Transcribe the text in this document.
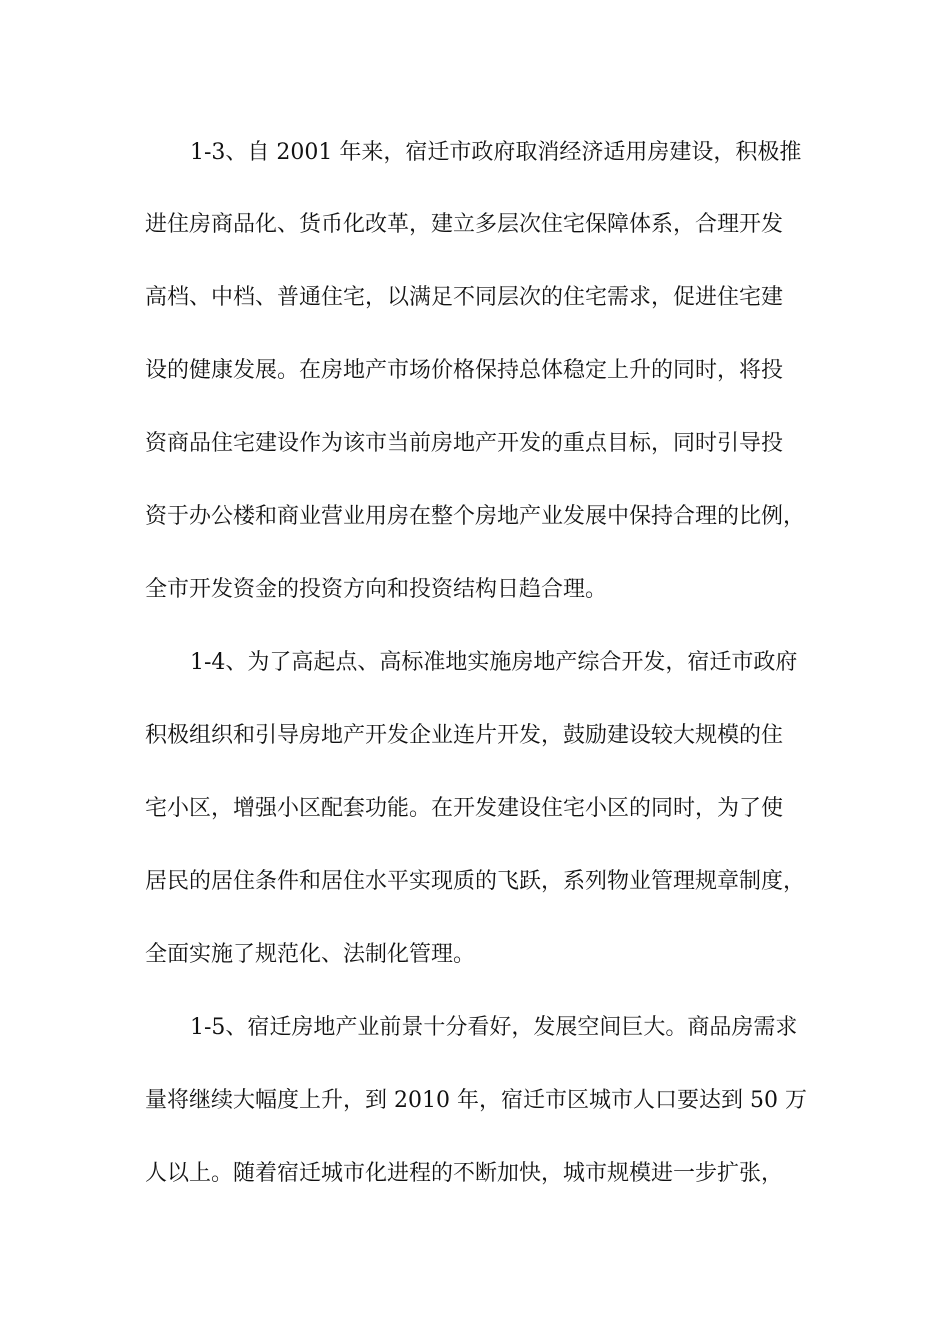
1-3、自 2001 年来，宿迁市政府取消经济适用房建设，积极推
进住房商品化、货币化改革，建立多层次住宅保障体系，合理开发
高档、中档、普通住宅，以满足不同层次的住宅需求，促进住宅建
设的健康发展。在房地产市场价格保持总体稳定上升的同时，将投
资商品住宅建设作为该市当前房地产开发的重点目标，同时引导投
资于办公楼和商业营业用房在整个房地产业发展中保持合理的比例，
全市开发资金的投资方向和投资结构日趋合理。
1-4、为了高起点、高标准地实施房地产综合开发，宿迁市政府
积极组织和引导房地产开发企业连片开发，鼓励建设较大规模的住
宅小区，增强小区配套功能。在开发建设住宅小区的同时，为了使
居民的居住条件和居住水平实现质的飞跃，系列物业管理规章制度，
全面实施了规范化、法制化管理。
1-5、宿迁房地产业前景十分看好，发展空间巨大。商品房需求
量将继续大幅度上升，到 2010 年，宿迁市区城市人口要达到 50 万
人以上。随着宿迁城市化进程的不断加快，城市规模进一步扩张，
